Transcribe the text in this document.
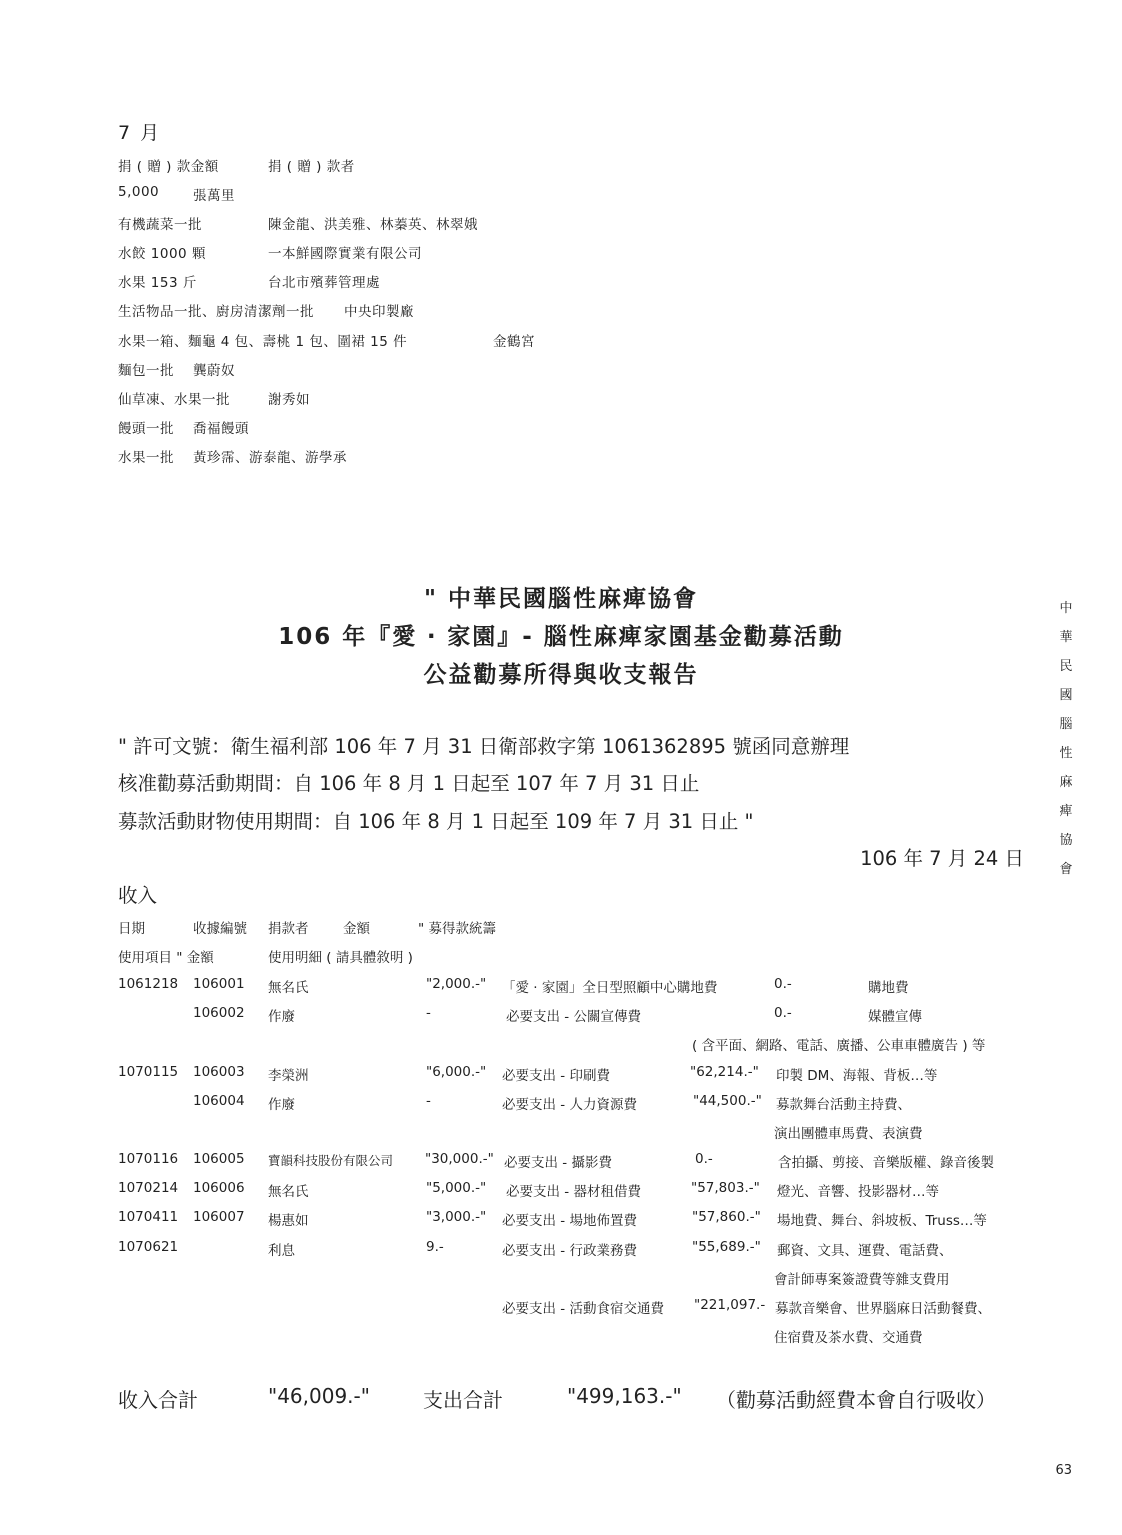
7 月
捐 ( 贈 ) 款金額	捐 ( 贈 ) 款者
5,000	張萬里
有機蔬菜一批	陳金龍、洪美雅、林蓁英、林翠娥
水餃 1000 顆	一本鮮國際實業有限公司
水果 153 斤	台北市殯葬管理處
生活物品一批、廚房清潔劑一批 中央印製廠
水果一箱、麵龜 4 包、壽桃 1 包、圍裙 15 件	金鶴宮
麵包一批 龔蔚奴
仙草凍、水果一批	謝秀如
饅頭一批 喬福饅頭
水果一批 黃珍霈、游泰龍、游學承
" 中華民國腦性麻痺協會
106 年『愛 ‧ 家園』- 腦性麻痺家園基金勸募活動
公益勸募所得與收支報告
" 許可文號：衛生福利部 106 年 7 月 31 日衛部救字第 1061362895 號函同意辦理
核准勸募活動期間：自 106 年 8 月 1 日起至 107 年 7 月 31 日止
募款活動財物使用期間：自 106 年 8 月 1 日起至 109 年 7 月 31 日止 "
106 年 7 月 24 日
收入
日期	收據編號 捐款者	金額	" 募得款統籌
使用項目 " 金額	使用明細 ( 請具體敘明 )
1061218 106001 無名氏	"2,000.-" 「愛 ‧ 家園」全日型照顧中心購地費	0.-	購地費
106002 作廢	-	必要支出 - 公關宣傳費	0.-	媒體宣傳
( 含平面、網路、電話、廣播、公車車體廣告 ) 等
1070115 106003 李榮洲	"6,000.-" 必要支出 - 印刷費	"62,214.-" 印製 DM、海報、背板…等
106004 作廢	-	必要支出 - 人力資源費	"44,500.-" 募款舞台活動主持費、
演出團體車馬費、表演費
1070116 106005 寶韻科技股份有限公司 "30,000.-" 必要支出 - 攝影費	0.-	含拍攝、剪接、音樂版權、錄音後製
1070214 106006 無名氏	"5,000.-" 必要支出 - 器材租借費	"57,803.-" 燈光、音響、投影器材…等
1070411 106007 楊惠如	"3,000.-" 必要支出 - 場地佈置費	"57,860.-" 場地費、舞台、斜坡板、Truss…等
1070621	利息	9.-	必要支出 - 行政業務費	"55,689.-" 郵資、文具、運費、電話費、
會計師專案簽證費等雜支費用
必要支出 - 活動食宿交通費 "221,097.- 募款音樂會、世界腦麻日活動餐費、
住宿費及茶水費、交通費
收入合計	"46,009.-"	支出合計	"499,163.-" （勸募活動經費本會自行吸收）
中
華
民
國
腦
性
麻
痺
協
會
63
